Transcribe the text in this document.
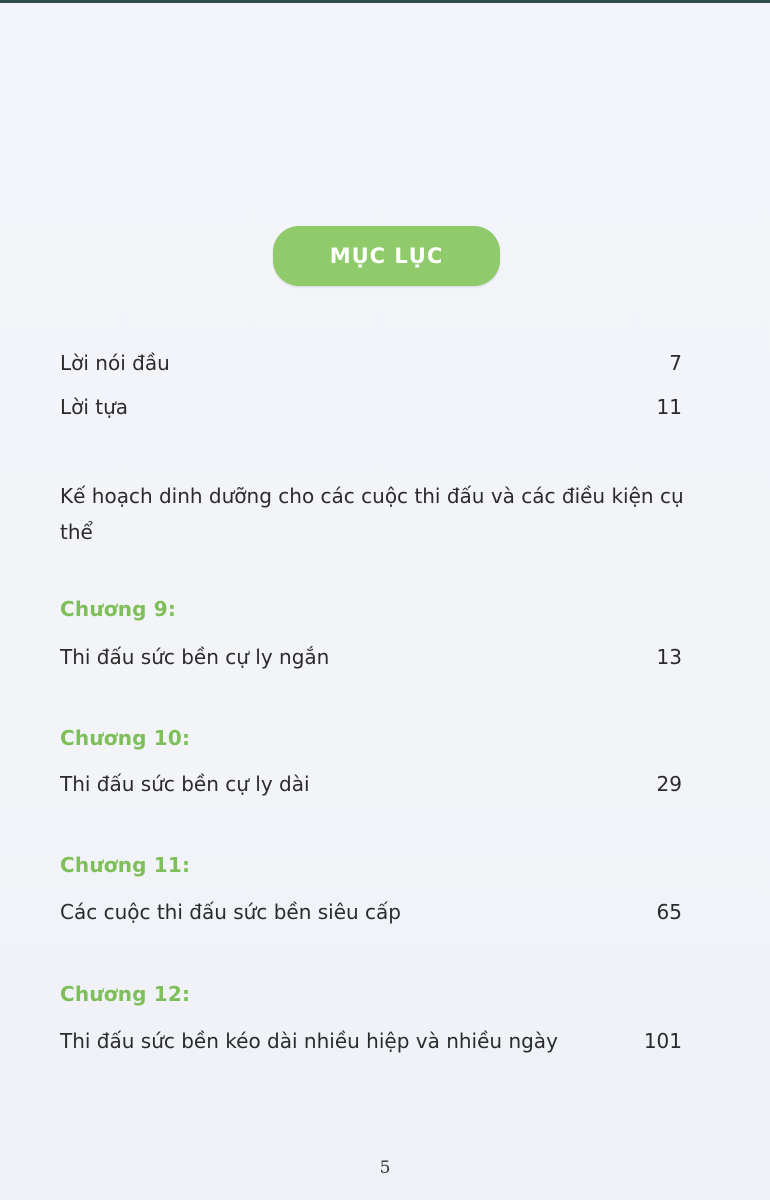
MỤC LỤC
Lời nói đầu	7
Lời tựa	11
Kế hoạch dinh dưỡng cho các cuộc thi đấu và các điều kiện cụ thể
Chương 9:
Thi đấu sức bền cự ly ngắn	13
Chương 10:
Thi đấu sức bền cự ly dài	29
Chương 11:
Các cuộc thi đấu sức bền siêu cấp	65
Chương 12:
Thi đấu sức bền kéo dài nhiều hiệp và nhiều ngày	101
5
